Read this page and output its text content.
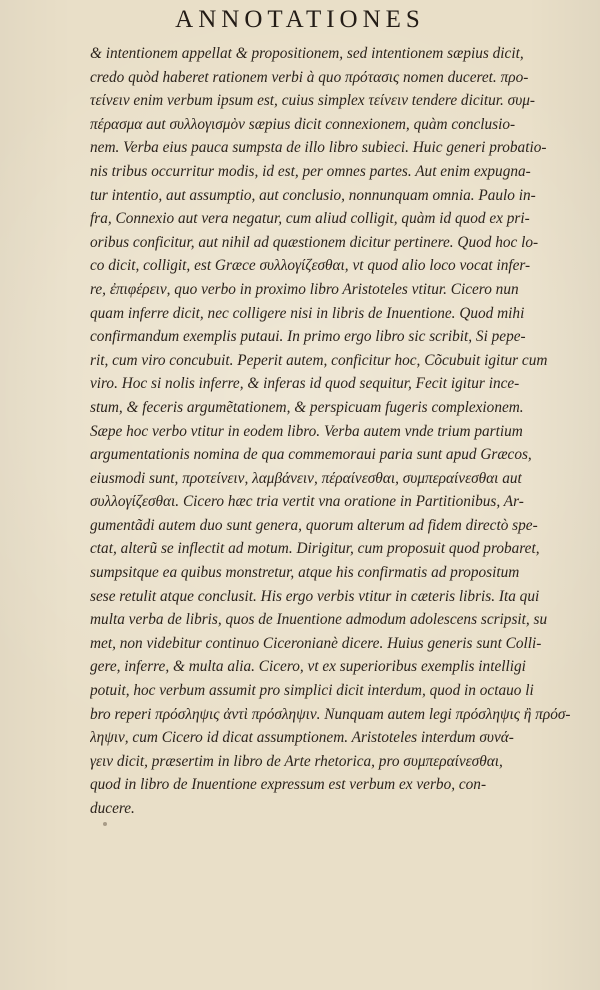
ANNOTATIONES
& intentionem appellat & propositionem, sed intentionem sæpius dicit,
credo quòd haberet rationem verbi à quo πρότασις nomen duceret. πρo-
τείνειν enim verbum ipsum est, cuius simplex τείνειν tendere dicitur. συμ-
πέρασμα aut συλλογισμὸν sæpius dicit connexionem, quàm conclusio-
nem. Verba eius pauca sumpsta de illo libro subieci. Huic generi probatio-
nis tribus occurritur modis, id est, per omnes partes. Aut enim expugna-
tur intentio, aut assumptio, aut conclusio, nonnunquam omnia. Paulo in-
fra, Connexio aut vera negatur, cum aliud colligit, quàm id quod ex pri-
oribus conficitur, aut nihil ad quæstionem dicitur pertinere. Quod hoc lo-
co dicit, colligit, est Græce συλλογίζεσθαι, vt quod alio loco vocat infer-
re, ἐπιφέρειν, quo verbo in proximo libro Aristoteles vtitur. Cicero nun
quam inferre dicit, nec colligere nisi in libris de Inuentione. Quod mihi
confirmandum exemplis putaui. In primo ergo libro sic scribit, Si pepe-
rit, cum viro concubuit. Peperit autem, conficitur hoc, Cõcubuit igitur cum
viro. Hoc si nolis inferre, & inferas id quod sequitur, Fecit igitur ince-
stum, & feceris argumẽtationem, & perspicuam fugeris complexionem.
Sæpe hoc verbo vtitur in eodem libro. Verba autem vnde trium partium
argumentationis nomina de qua commemoraui paria sunt apud Græcos,
eiusmodi sunt, πρoτείνειν, λαμβάνειν, πέραίνεσθαι, συμπεραίνεσθαι aut
συλλογίζεσθαι. Cicero hæc tria vertit vna oratione in Partitionibus, Ar-
gumentãdi autem duo sunt genera, quorum alterum ad fidem directò spe-
ctat, alterũ se inflectit ad motum. Dirigitur, cum proposuit quod probaret,
sumpsitque ea quibus monstretur, atque his confirmatis ad propositum
sese retulit atque conclusit. His ergo verbis vtitur in cæteris libris. Ita qui
multa verba de libris, quos de Inuentione admodum adolescens scripsit, su
met, non videbitur continuo Ciceronianè dicere. Huius generis sunt Colli-
gere, inferre, & multa alia. Cicero, vt ex superioribus exemplis intelligi
potuit, hoc verbum assumit pro simplici dicit interdum, quod in octauo li
bro reperi πρόσληψις ἀντὶ πρόσληψιν. Nunquam autem legi πρόσληψις ἢ πρόσ-
ληψιν, cum Cicero id dicat assumptionem. Aristoteles interdum συνά-
γειν dicit, præsertim in libro de Arte rhetorica, pro συμπεραίνεσθαι,
quod in libro de Inuentione expressum est verbum ex verbo, con-
ducere.
